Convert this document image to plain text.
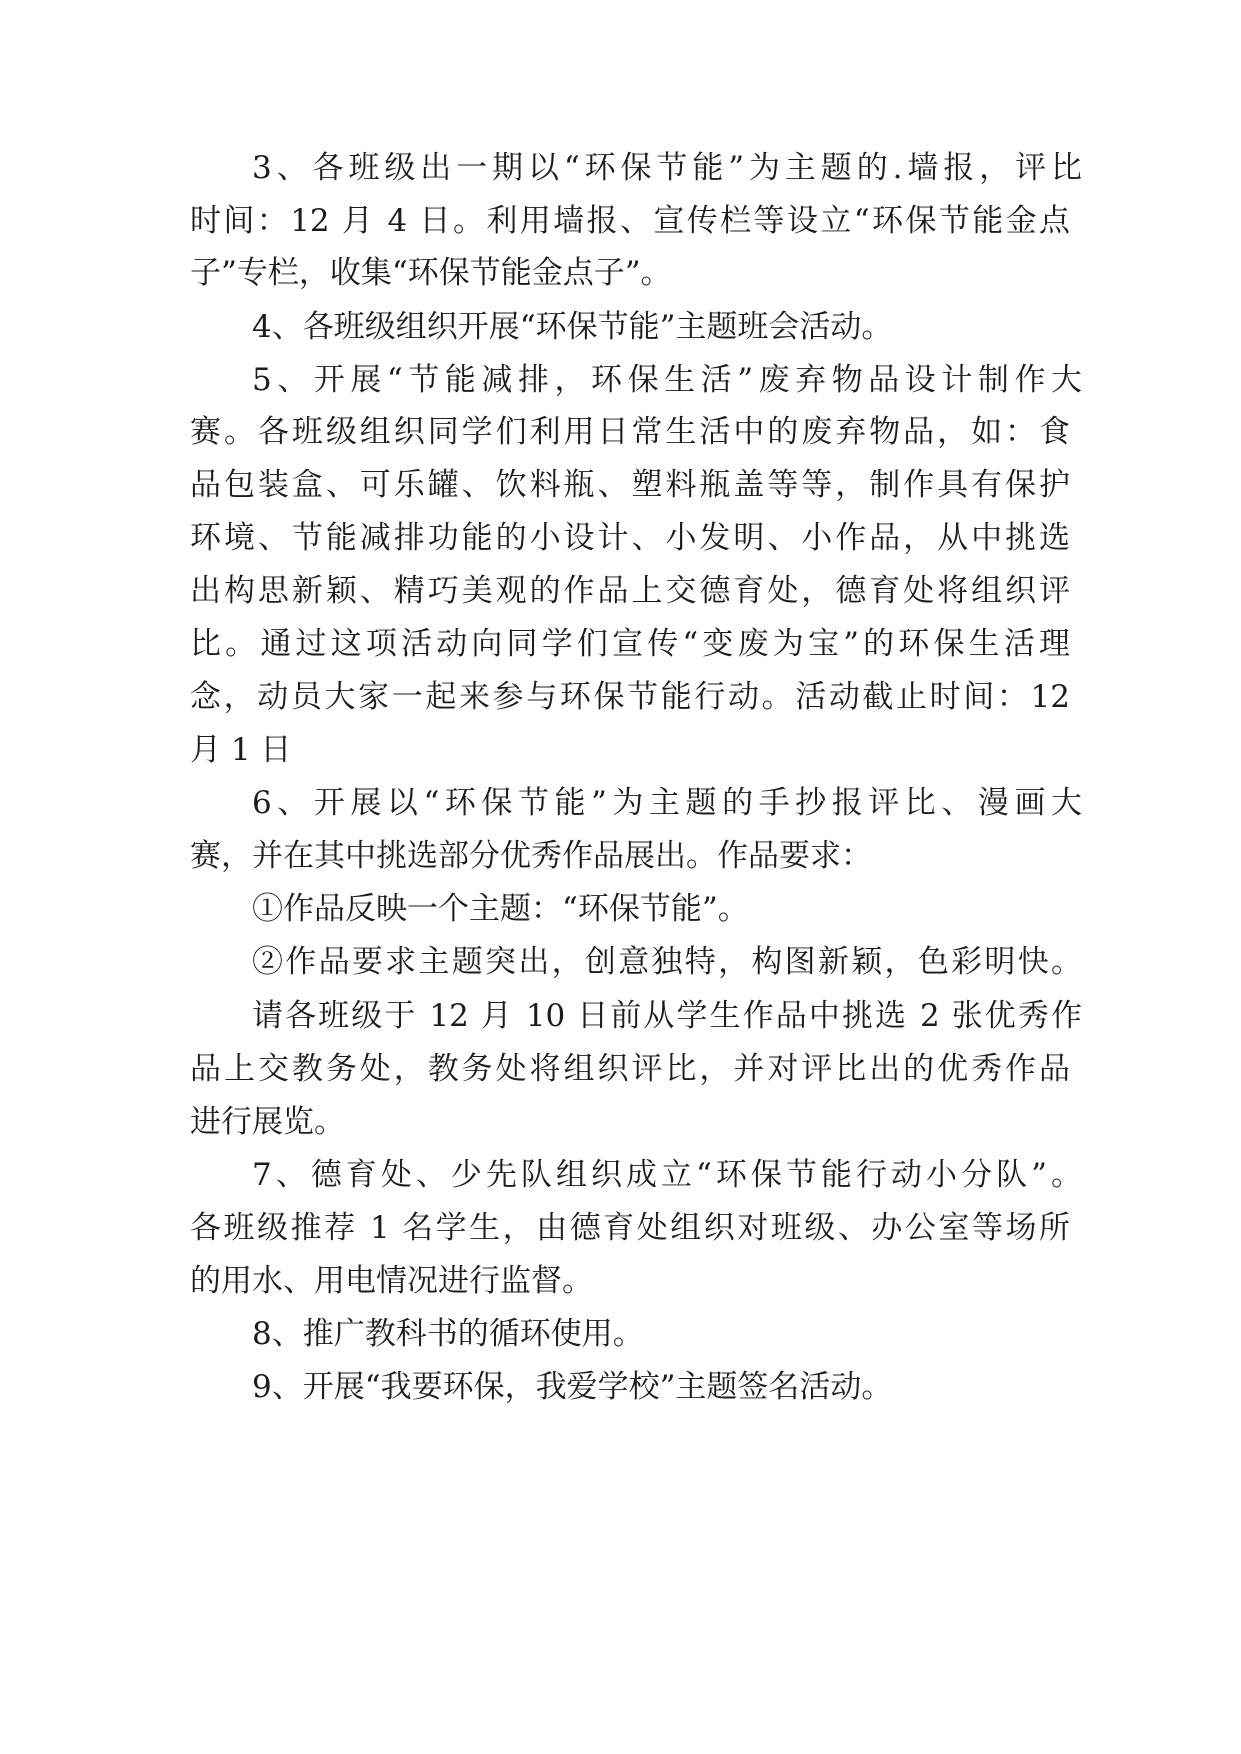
3、各班级出一期以“环保节能”为主题的.墙报，评比
时间：12 月 4 日。利用墙报、宣传栏等设立“环保节能金点
子”专栏，收集“环保节能金点子”。
4、各班级组织开展“环保节能”主题班会活动。
5、开展“节能减排，环保生活”废弃物品设计制作大
赛。各班级组织同学们利用日常生活中的废弃物品，如：食
品包装盒、可乐罐、饮料瓶、塑料瓶盖等等，制作具有保护
环境、节能减排功能的小设计、小发明、小作品，从中挑选
出构思新颖、精巧美观的作品上交德育处，德育处将组织评
比。通过这项活动向同学们宣传“变废为宝”的环保生活理
念，动员大家一起来参与环保节能行动。活动截止时间：12
月 1 日
6、开展以“环保节能”为主题的手抄报评比、漫画大
赛，并在其中挑选部分优秀作品展出。作品要求：
①作品反映一个主题：“环保节能”。
②作品要求主题突出，创意独特，构图新颖，色彩明快。
请各班级于 12 月 10 日前从学生作品中挑选 2 张优秀作
品上交教务处，教务处将组织评比，并对评比出的优秀作品
进行展览。
7、德育处、少先队组织成立“环保节能行动小分队”。
各班级推荐 1 名学生，由德育处组织对班级、办公室等场所
的用水、用电情况进行监督。
8、推广教科书的循环使用。
9、开展“我要环保，我爱学校”主题签名活动。
